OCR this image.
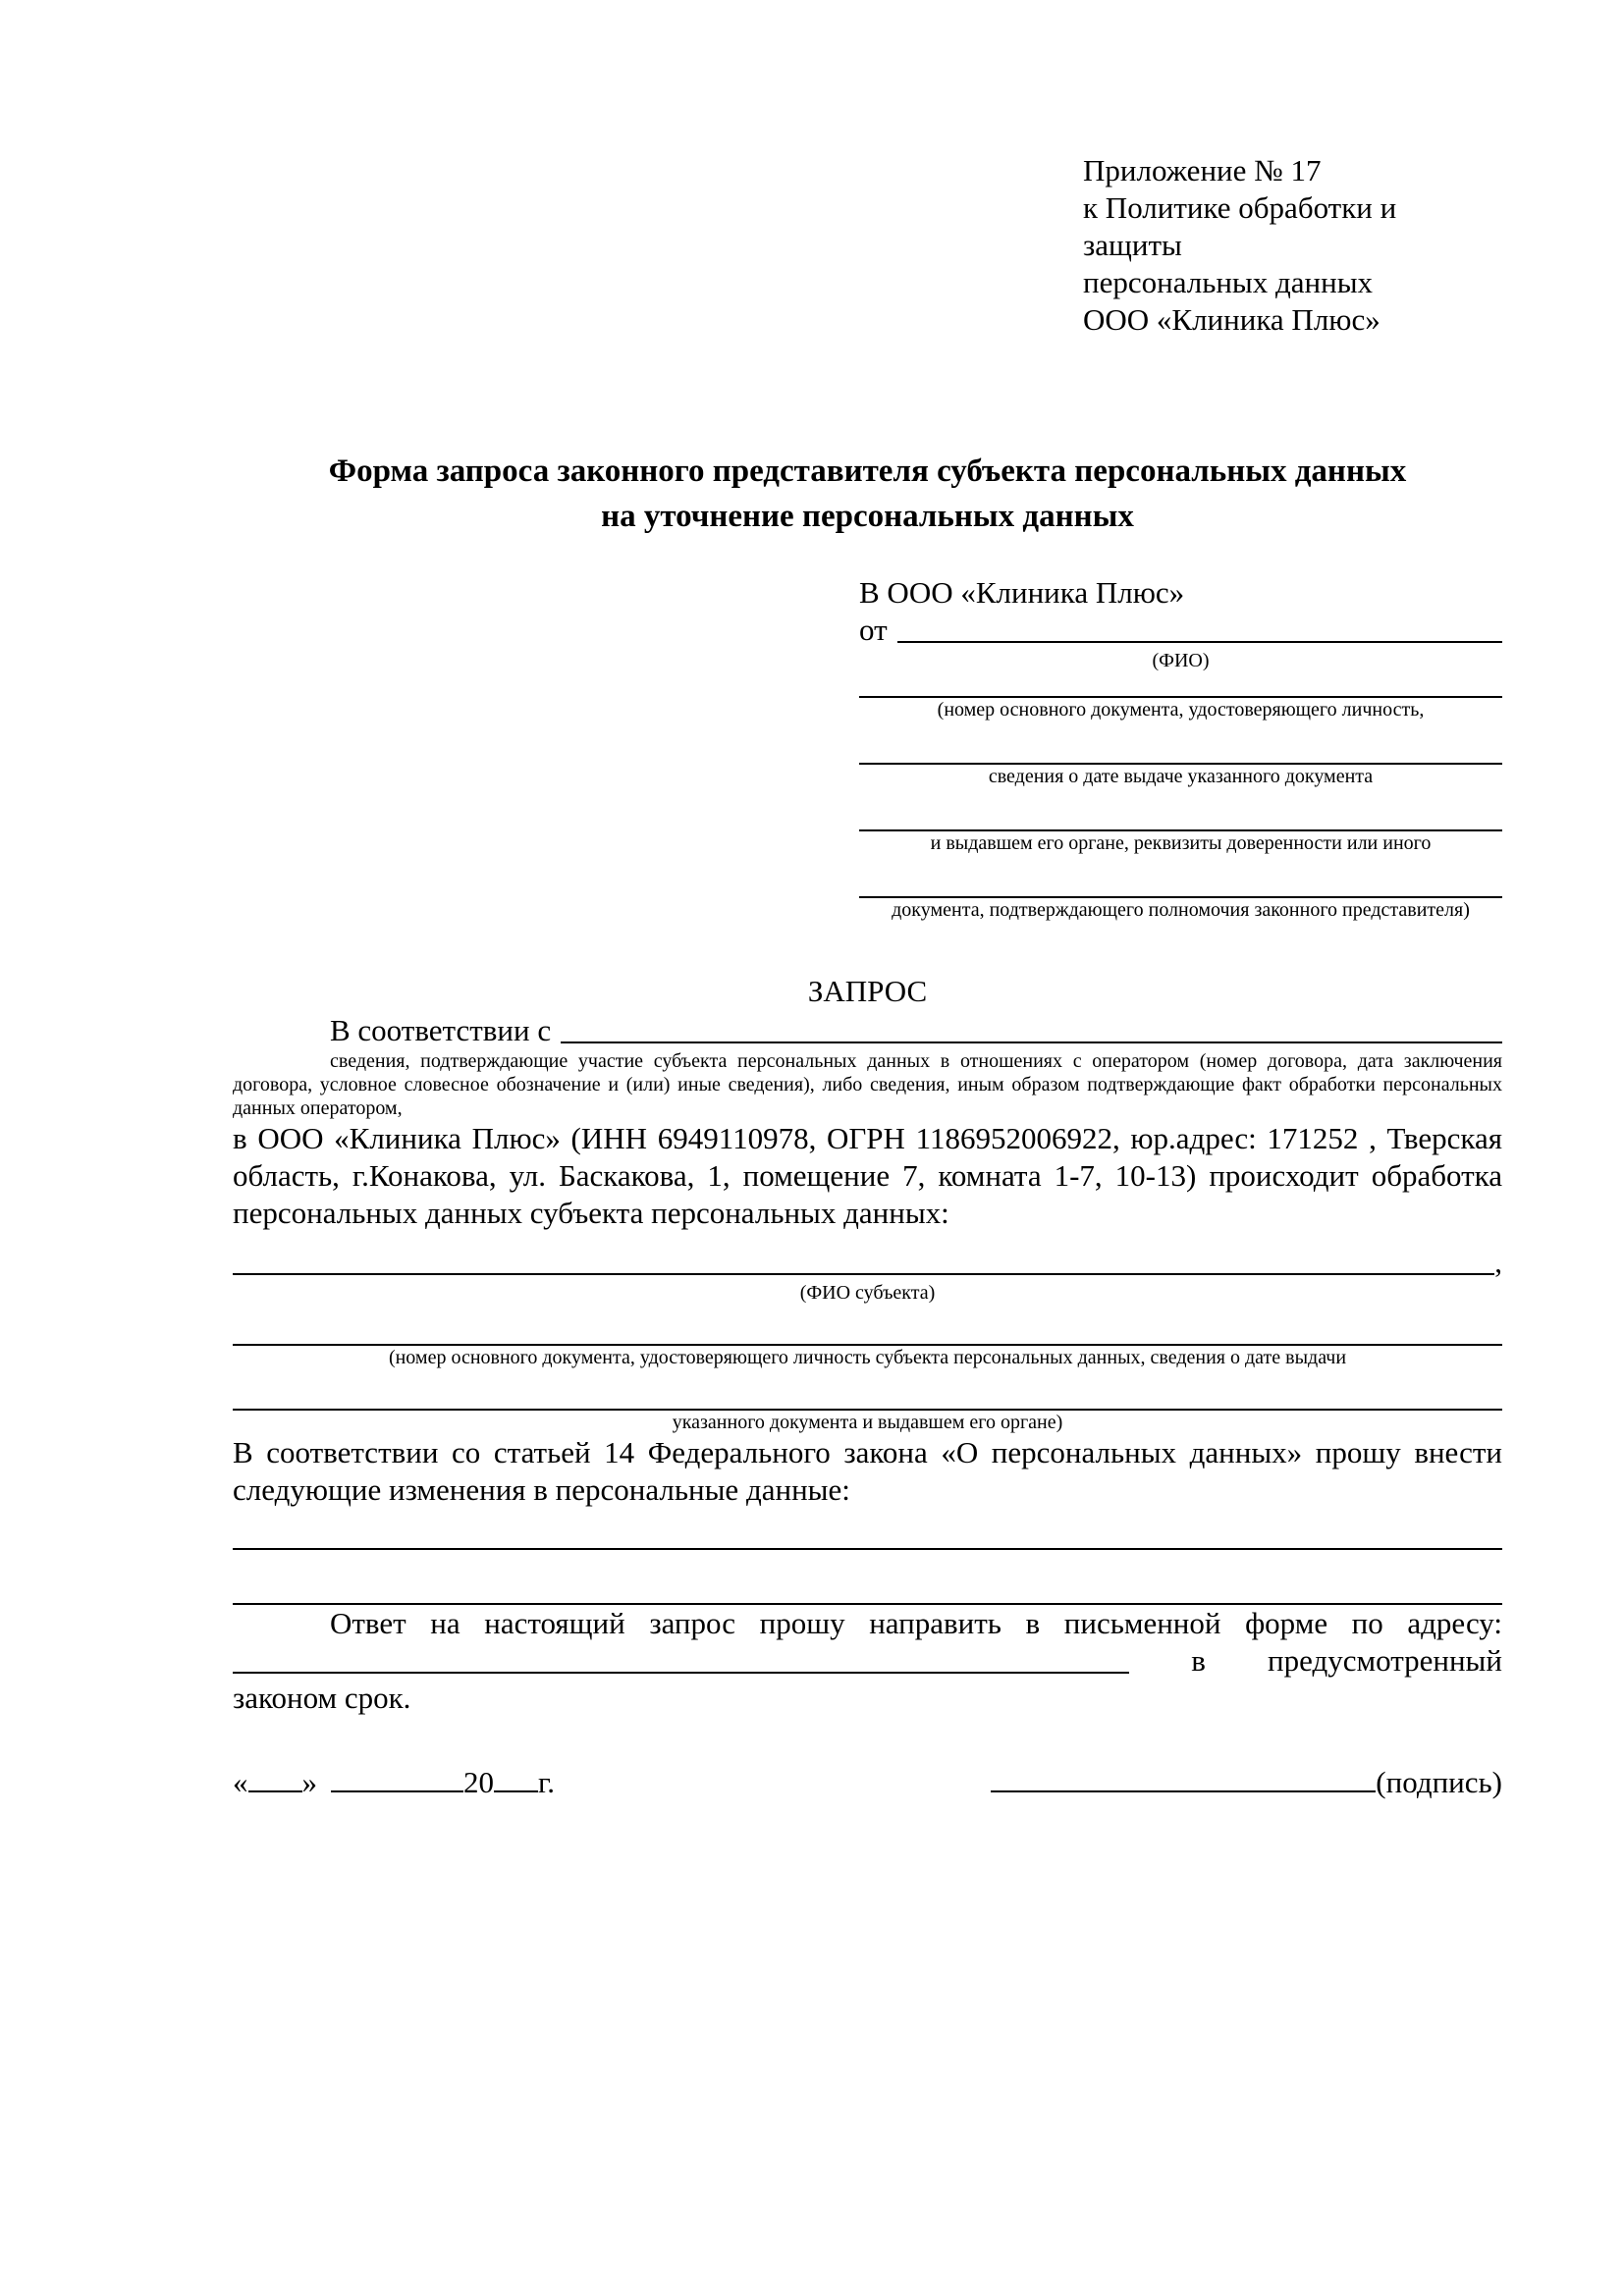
Приложение № 17
к Политике обработки и защиты
персональных данных
ООО «Клиника Плюс»
Форма запроса законного представителя субъекта персональных данных
на уточнение персональных данных
В ООО «Клиника Плюс»
от
(ФИО)
(номер основного документа, удостоверяющего личность,
сведения о дате выдаче указанного документа
и выдавшем его органе, реквизиты доверенности или иного
документа, подтверждающего полномочия законного представителя)
ЗАПРОС
В соответствии с
сведения, подтверждающие участие субъекта персональных данных в отношениях с оператором (номер договора, дата заключения договора, условное словесное обозначение и (или) иные сведения), либо сведения, иным образом подтверждающие факт обработки персональных данных оператором,
в ООО «Клиника Плюс» (ИНН 6949110978, ОГРН 1186952006922, юр.адрес: 171252 , Тверская область, г.Конакова, ул. Баскакова, 1, помещение 7, комната 1-7, 10-13) происходит обработка персональных данных субъекта персональных данных:
,
(ФИО субъекта)
(номер основного документа, удостоверяющего личность субъекта персональных данных, сведения о дате выдачи
указанного документа и выдавшем его органе)
В соответствии со статьей 14 Федерального закона «О персональных данных» прошу внести следующие изменения в персональные данные:
Ответ на настоящий запрос прошу направить в письменной форме по адресу:
в предусмотренный
законом срок.
« »	20 г.	(подпись)
